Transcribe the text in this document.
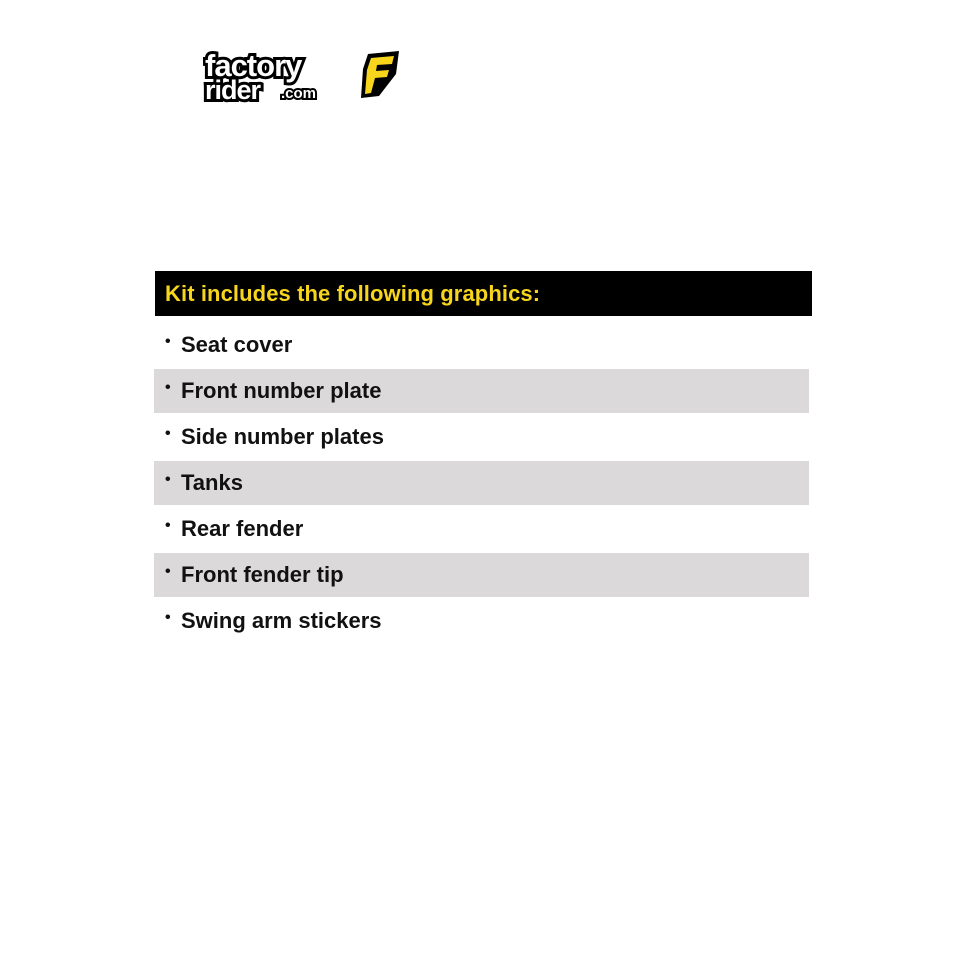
factory
rider .com
Kit includes the following graphics:
• Seat cover
• Front number plate
• Side number plates
• Tanks
• Rear fender
• Front fender tip
• Swing arm stickers
